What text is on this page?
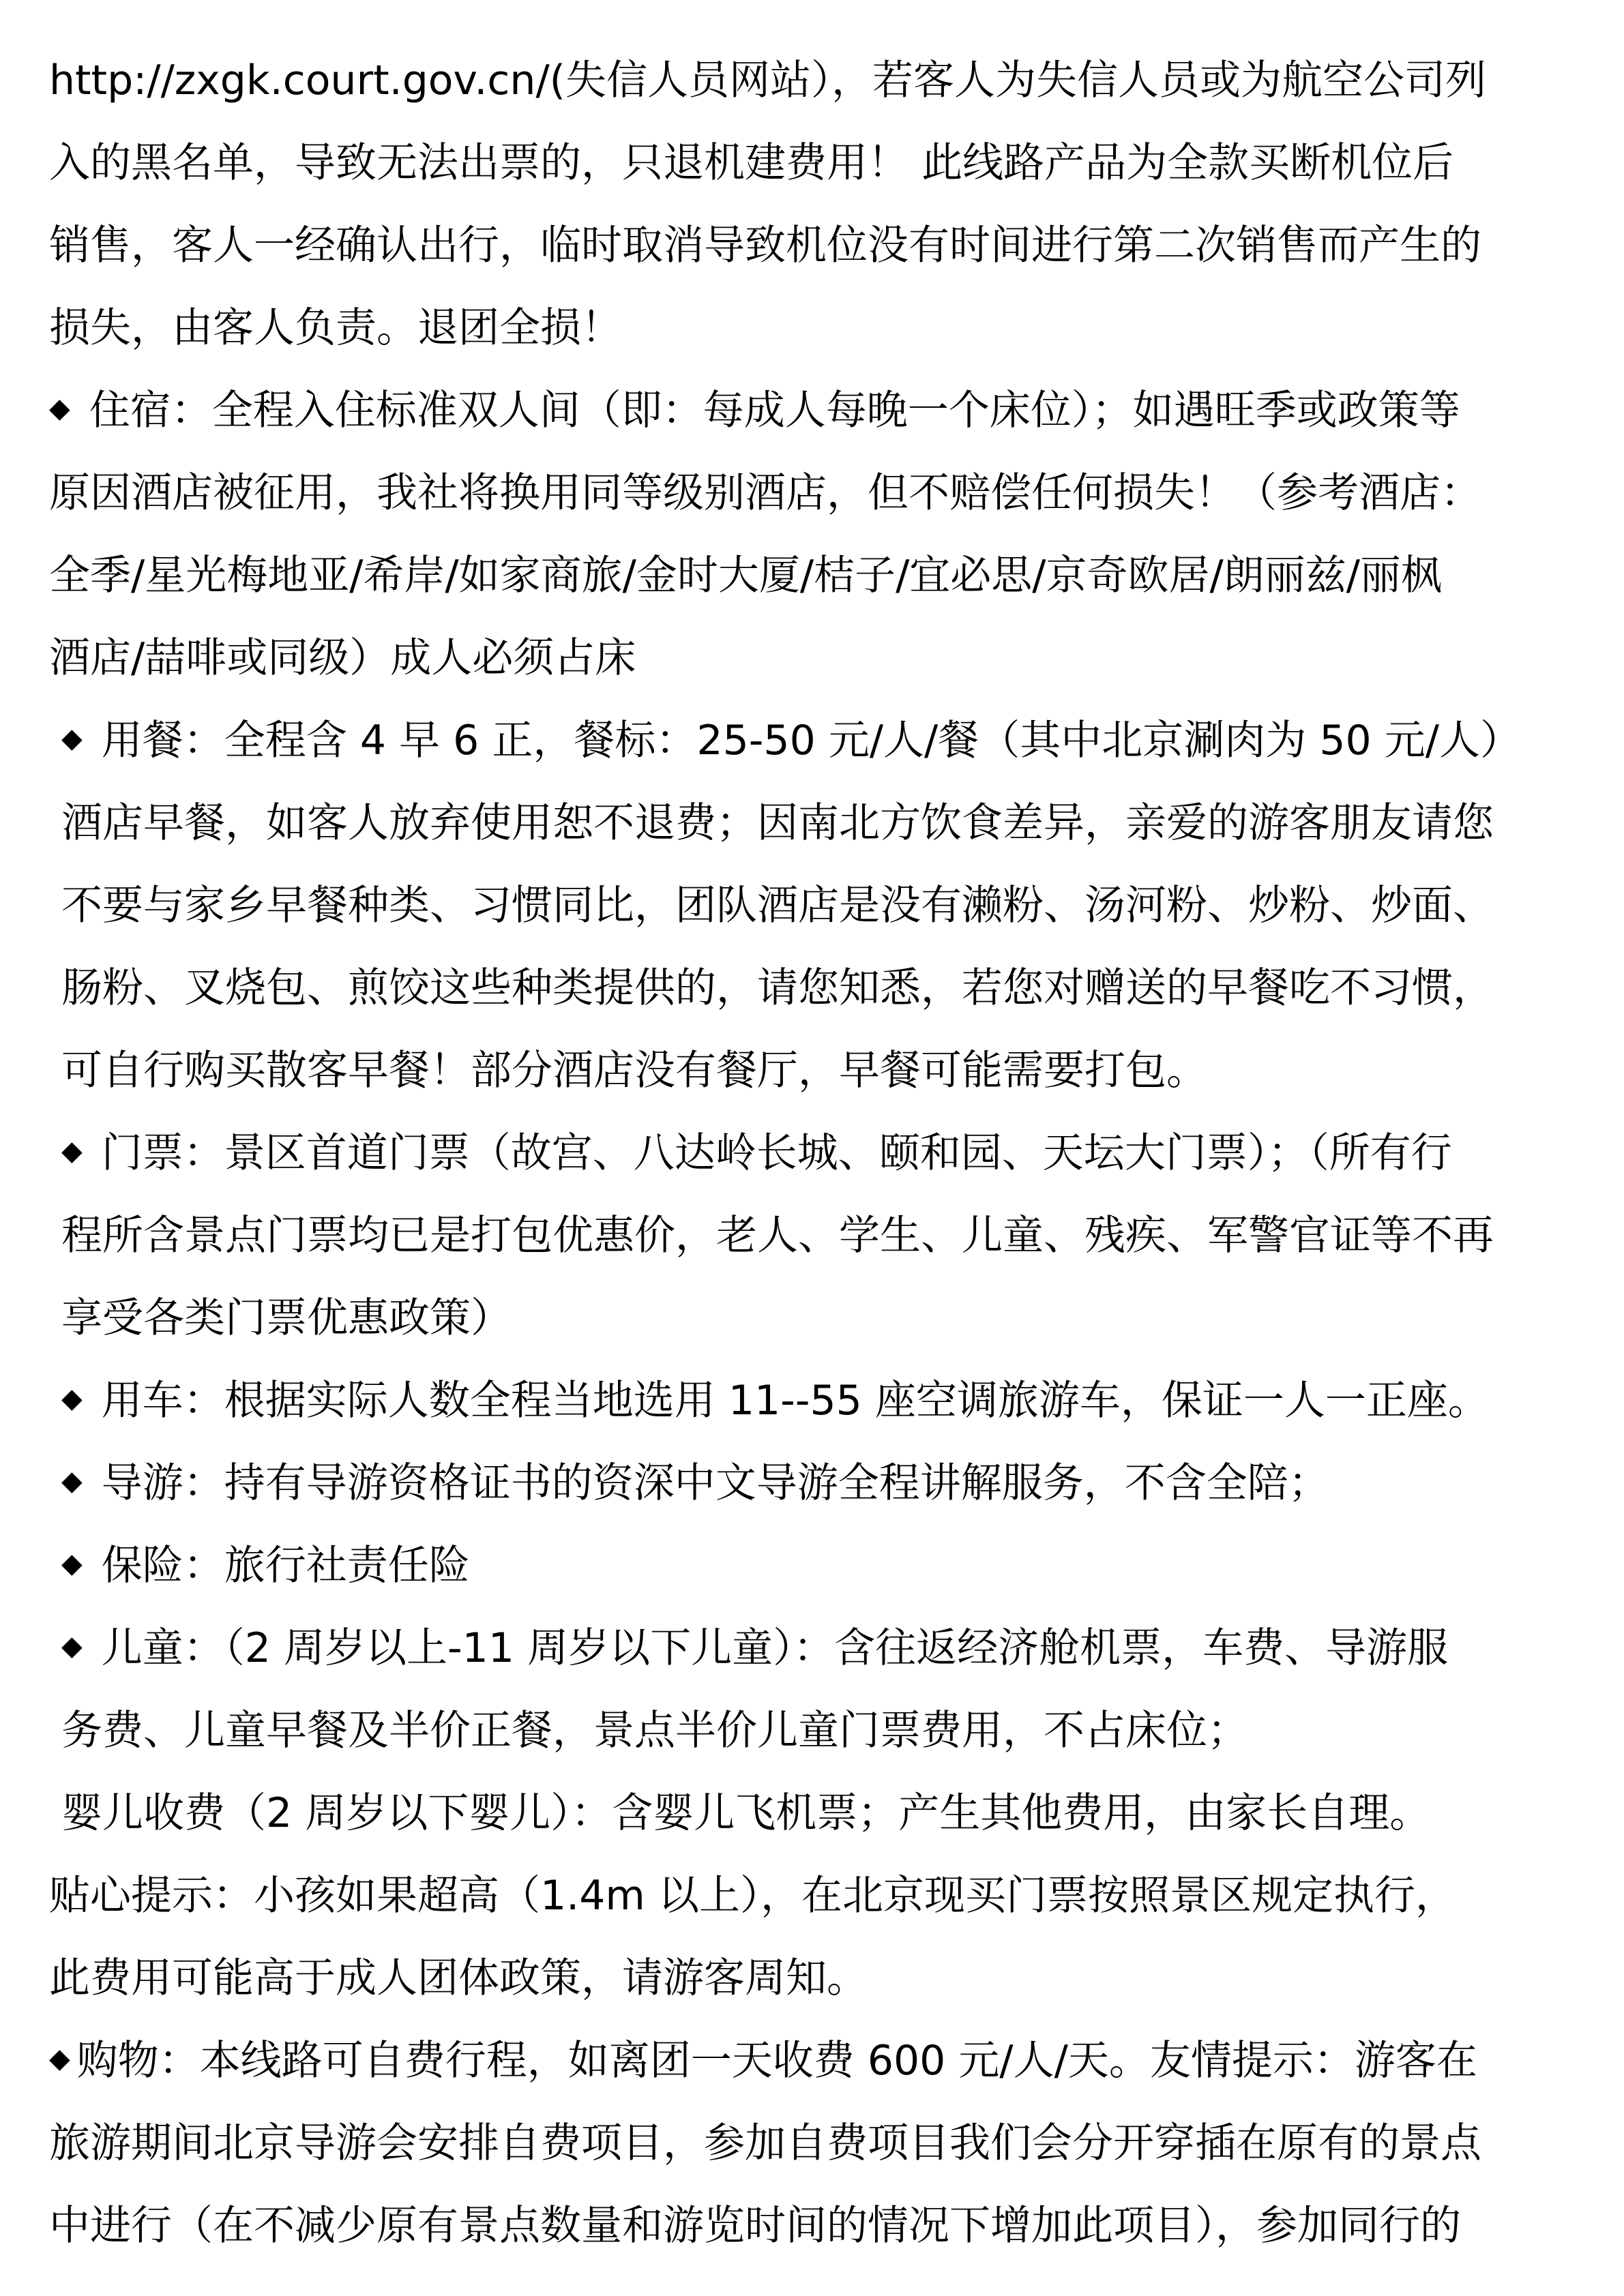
http://zxgk.court.gov.cn/(失信人员网站），若客人为失信人员或为航空公司列
入的黑名单，导致无法出票的，只退机建费用！ 此线路产品为全款买断机位后
销售，客人一经确认出行，临时取消导致机位没有时间进行第二次销售而产生的
损失，由客人负责。退团全损！
◆ 住宿：全程入住标准双人间（即：每成人每晚一个床位）；如遇旺季或政策等
原因酒店被征用，我社将换用同等级别酒店，但不赔偿任何损失！（参考酒店：
全季/星光梅地亚/希岸/如家商旅/金时大厦/桔子/宜必思/京奇欧居/朗丽兹/丽枫
酒店/喆啡或同级）成人必须占床
◆ 用餐：全程含 4 早 6 正，餐标：25-50 元/人/餐（其中北京涮肉为 50 元/人）
酒店早餐，如客人放弃使用恕不退费；因南北方饮食差异，亲爱的游客朋友请您
不要与家乡早餐种类、习惯同比，团队酒店是没有濑粉、汤河粉、炒粉、炒面、
肠粉、叉烧包、煎饺这些种类提供的，请您知悉，若您对赠送的早餐吃不习惯，
可自行购买散客早餐！部分酒店没有餐厅，早餐可能需要打包。
◆ 门票：景区首道门票（故宫、八达岭长城、颐和园、天坛大门票）；（所有行
程所含景点门票均已是打包优惠价，老人、学生、儿童、残疾、军警官证等不再
享受各类门票优惠政策）
◆ 用车：根据实际人数全程当地选用 11--55 座空调旅游车，保证一人一正座。
◆ 导游：持有导游资格证书的资深中文导游全程讲解服务，不含全陪；
◆ 保险：旅行社责任险
◆ 儿童：（2 周岁以上-11 周岁以下儿童）：含往返经济舱机票，车费、导游服
务费、儿童早餐及半价正餐，景点半价儿童门票费用，不占床位；
婴儿收费（2 周岁以下婴儿）：含婴儿飞机票；产生其他费用，由家长自理。
贴心提示：小孩如果超高（1.4m 以上），在北京现买门票按照景区规定执行，
此费用可能高于成人团体政策，请游客周知。
◆ 购物：本线路可自费行程，如离团一天收费 600 元/人/天。友情提示：游客在
旅游期间北京导游会安排自费项目，参加自费项目我们会分开穿插在原有的景点
中进行（在不减少原有景点数量和游览时间的情况下增加此项目），参加同行的
